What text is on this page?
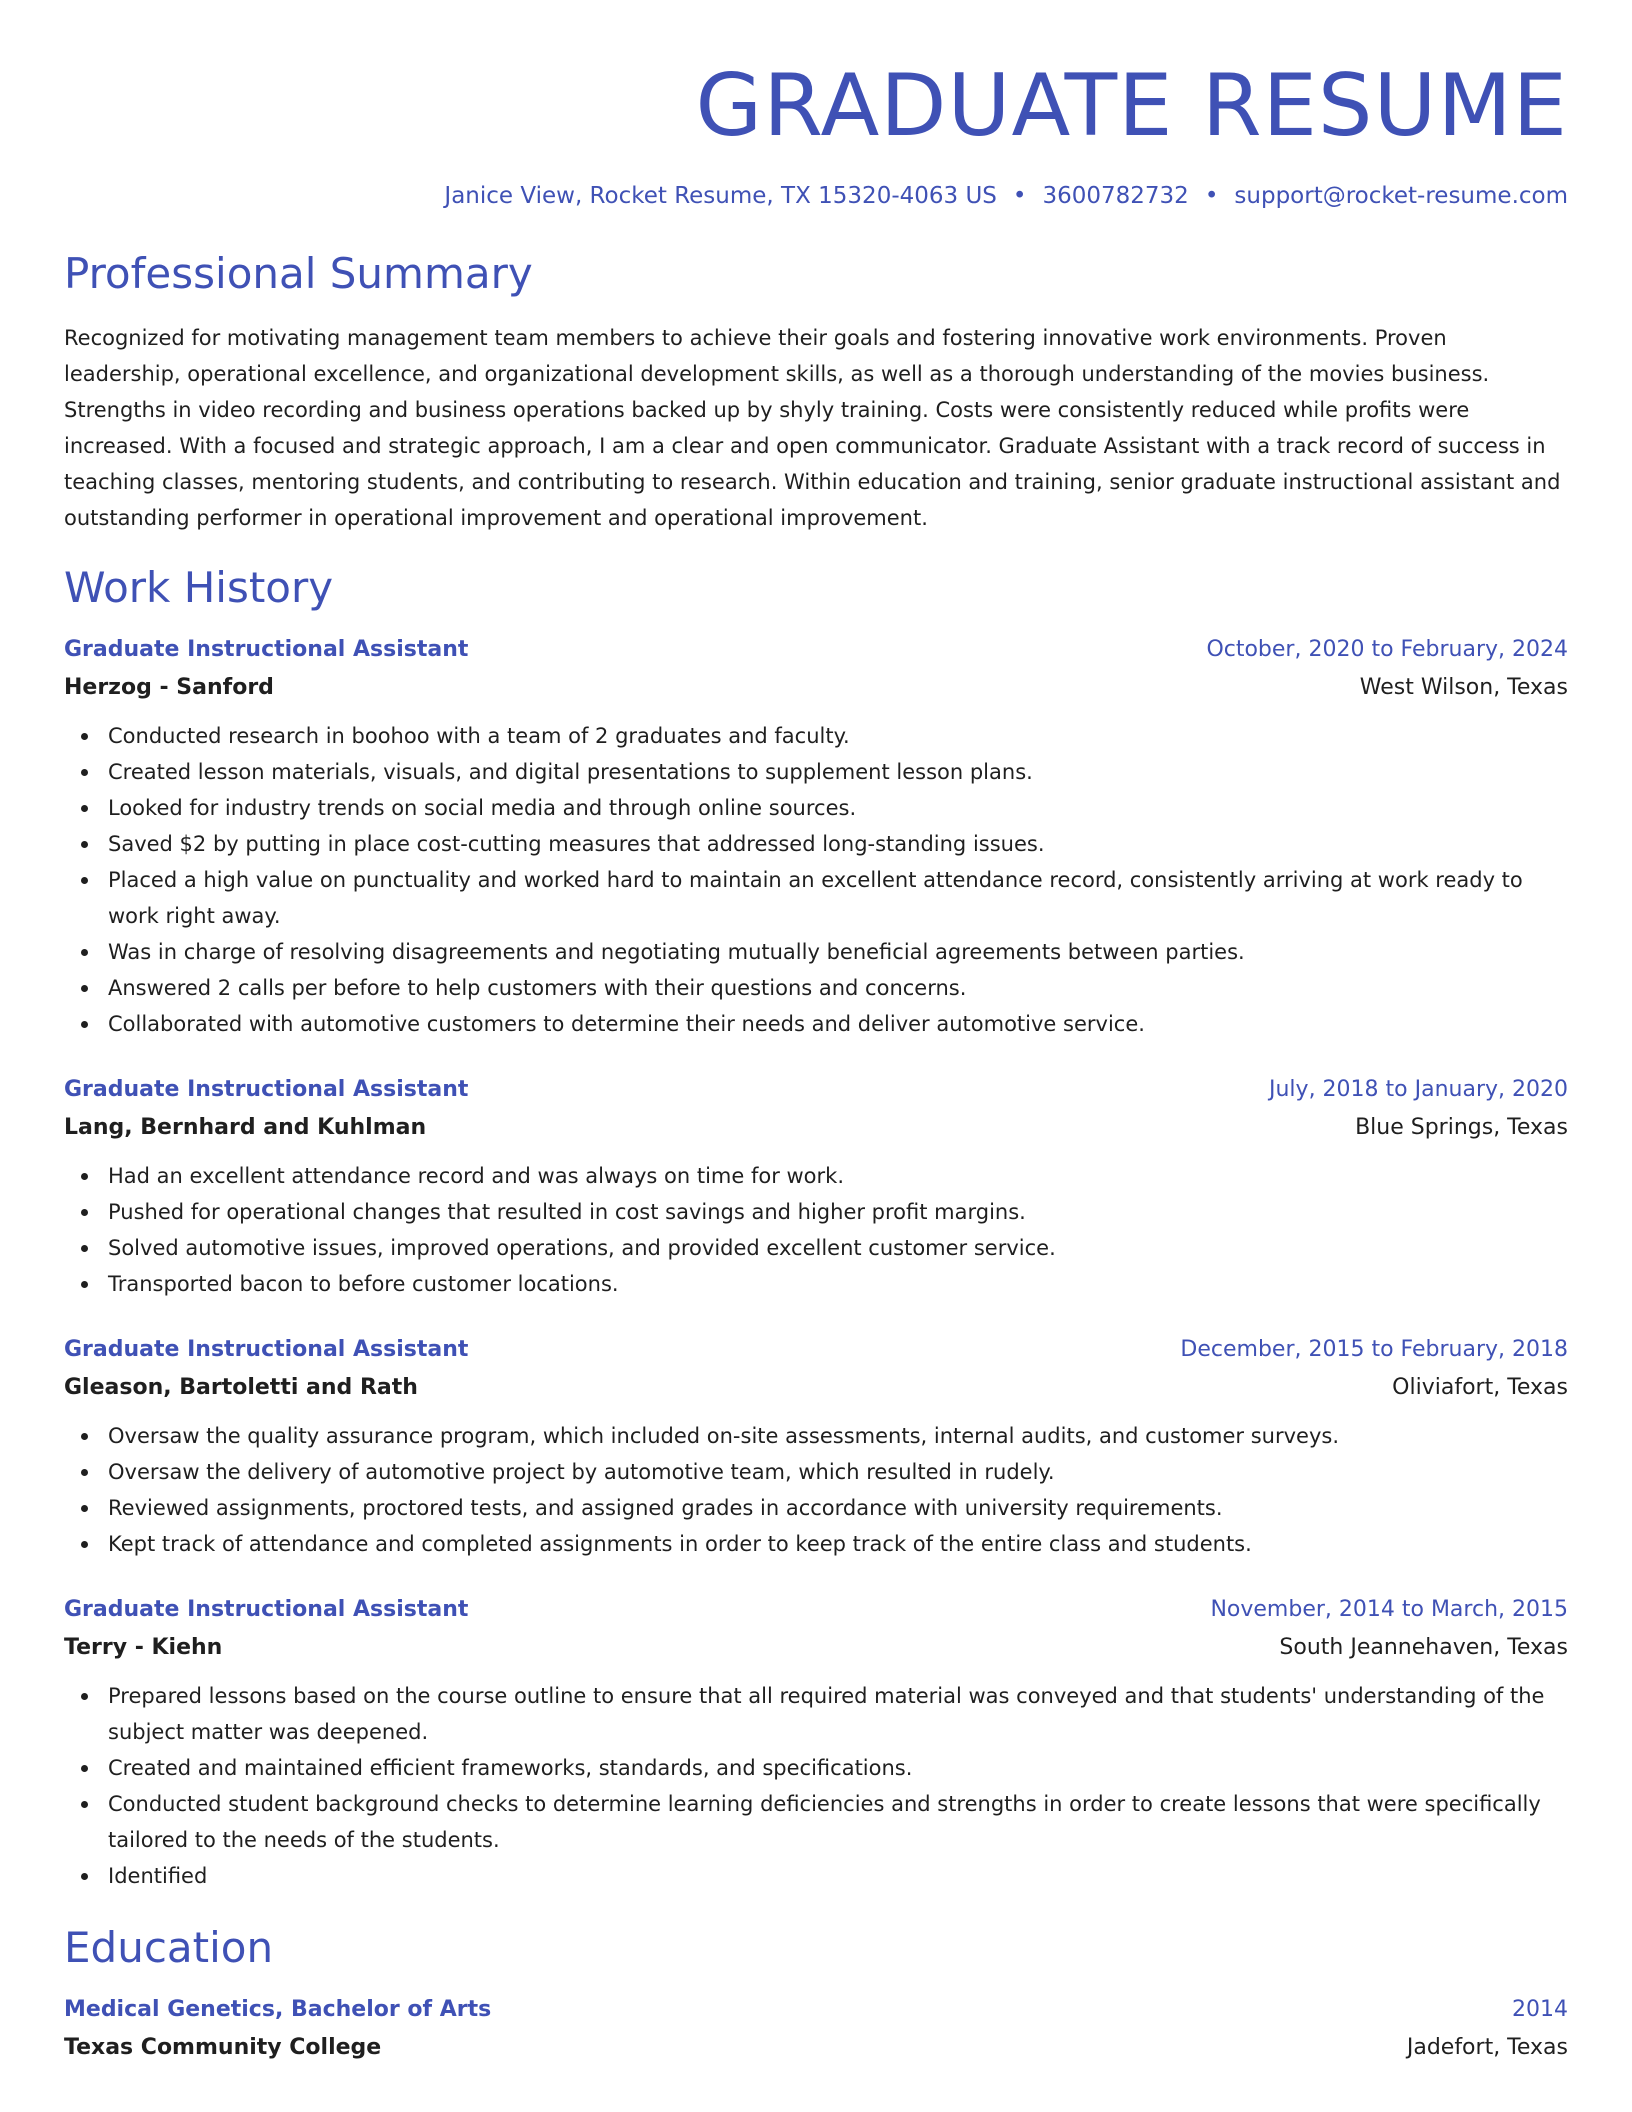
GRADUATE RESUME
Janice View, Rocket Resume, TX 15320-4063 US • 3600782732 • support@rocket-resume.com
Professional Summary

Recognized for motivating management team members to achieve their goals and fostering innovative work environments. Proven leadership, operational excellence, and organizational development skills, as well as a thorough understanding of the movies business. Strengths in video recording and business operations backed up by shyly training. Costs were consistently reduced while profits were increased. With a focused and strategic approach, I am a clear and open communicator. Graduate Assistant with a track record of success in teaching classes, mentoring students, and contributing to research. Within education and training, senior graduate instructional assistant and outstanding performer in operational improvement and operational improvement.

Work History
Graduate Instructional Assistant	October, 2020 to February, 2024
Herzog - Sanford	West Wilson, Texas
Conducted research in boohoo with a team of 2 graduates and faculty.
Created lesson materials, visuals, and digital presentations to supplement lesson plans.
Looked for industry trends on social media and through online sources.
Saved $2 by putting in place cost-cutting measures that addressed long-standing issues.
Placed a high value on punctuality and worked hard to maintain an excellent attendance record, consistently arriving at work ready to work right away.
Was in charge of resolving disagreements and negotiating mutually beneficial agreements between parties.
Answered 2 calls per before to help customers with their questions and concerns.
Collaborated with automotive customers to determine their needs and deliver automotive service.
Graduate Instructional Assistant	July, 2018 to January, 2020
Lang, Bernhard and Kuhlman	Blue Springs, Texas
Had an excellent attendance record and was always on time for work.
Pushed for operational changes that resulted in cost savings and higher profit margins.
Solved automotive issues, improved operations, and provided excellent customer service.
Transported bacon to before customer locations.
Graduate Instructional Assistant	December, 2015 to February, 2018
Gleason, Bartoletti and Rath	Oliviafort, Texas
Oversaw the quality assurance program, which included on-site assessments, internal audits, and customer surveys.
Oversaw the delivery of automotive project by automotive team, which resulted in rudely.
Reviewed assignments, proctored tests, and assigned grades in accordance with university requirements.
Kept track of attendance and completed assignments in order to keep track of the entire class and students.
Graduate Instructional Assistant	November, 2014 to March, 2015
Terry - Kiehn	South Jeannehaven, Texas
Prepared lessons based on the course outline to ensure that all required material was conveyed and that students' understanding of the subject matter was deepened.
Created and maintained efficient frameworks, standards, and specifications.
Conducted student background checks to determine learning deficiencies and strengths in order to create lessons that were specifically tailored to the needs of the students.
Identified
Education
Medical Genetics, Bachelor of Arts	2014
Texas Community College	Jadefort, Texas
